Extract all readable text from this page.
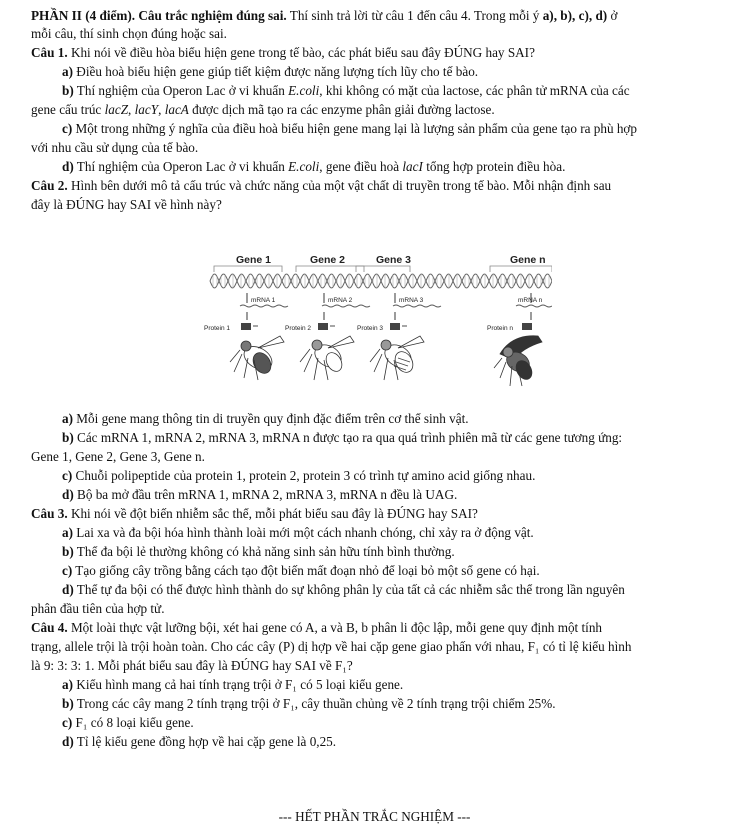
PHẦN II (4 điểm). Câu trắc nghiệm đúng sai. Thí sinh trả lời từ câu 1 đến câu 4. Trong mỗi ý a), b), c), d) ở
mỗi câu, thí sinh chọn đúng hoặc sai.
Câu 1. Khi nói về điều hòa biểu hiện gene trong tế bào, các phát biểu sau đây ĐÚNG hay SAI?
a) Điều hoà biểu hiện gene giúp tiết kiệm được năng lượng tích lũy cho tế bào.
b) Thí nghiệm của Operon Lac ở vi khuẩn E.coli, khi không có mặt của lactose, các phân tử mRNA của các
gene cấu trúc lacZ, lacY, lacA được dịch mã tạo ra các enzyme phân giải đường lactose.
c) Một trong những ý nghĩa của điều hoà biểu hiện gene mang lại là lượng sản phẩm của gene tạo ra phù hợp
với nhu cầu sử dụng của tế bào.
d) Thí nghiệm của Operon Lac ở vi khuẩn E.coli, gene điều hoà lacI tổng hợp protein điều hòa.
Câu 2. Hình bên dưới mô tả cấu trúc và chức năng của một vật chất di truyền trong tế bào. Mỗi nhận định sau
đây là ĐÚNG hay SAI về hình này?
Gene 1	Gene 2	Gene 3	Gene n
mRNA 1	mRNA 2	mRNA 3	mRNA n
Protein 1	Protein 2	Protein 3	Protein n
a) Mỗi gene mang thông tin di truyền quy định đặc điểm trên cơ thể sinh vật.
b) Các mRNA 1, mRNA 2, mRNA 3, mRNA n được tạo ra qua quá trình phiên mã từ các gene tương ứng:
Gene 1, Gene 2, Gene 3, Gene n.
c) Chuỗi polipeptide của protein 1, protein 2, protein 3 có trình tự amino acid giống nhau.
d) Bộ ba mở đầu trên mRNA 1, mRNA 2, mRNA 3, mRNA n đều là UAG.
Câu 3. Khi nói về đột biến nhiễm sắc thể, mỗi phát biểu sau đây là ĐÚNG hay SAI?
a) Lai xa và đa bội hóa hình thành loài mới một cách nhanh chóng, chỉ xảy ra ở động vật.
b) Thể đa bội lẻ thường không có khả năng sinh sản hữu tính bình thường.
c) Tạo giống cây trồng bằng cách tạo đột biến mất đoạn nhỏ để loại bỏ một số gene có hại.
d) Thể tự đa bội có thể được hình thành do sự không phân ly của tất cả các nhiễm sắc thể trong lần nguyên
phân đầu tiên của hợp tử.
Câu 4. Một loài thực vật lưỡng bội, xét hai gene có A, a và B, b phân li độc lập, mỗi gene quy định một tính
trạng, allele trội là trội hoàn toàn. Cho các cây (P) dị hợp về hai cặp gene giao phấn với nhau, F₁ có tỉ lệ kiểu hình
là 9: 3: 3: 1. Mỗi phát biểu sau đây là ĐÚNG hay SAI về F₁?
a) Kiểu hình mang cả hai tính trạng trội ở F₁ có 5 loại kiểu gene.
b) Trong các cây mang 2 tính trạng trội ở F₁, cây thuần chủng về 2 tính trạng trội chiếm 25%.
c) F₁ có 8 loại kiểu gene.
d) Tỉ lệ kiểu gene đồng hợp về hai cặp gene là 0,25.
--- HẾT PHẦN TRẮC NGHIỆM ---
